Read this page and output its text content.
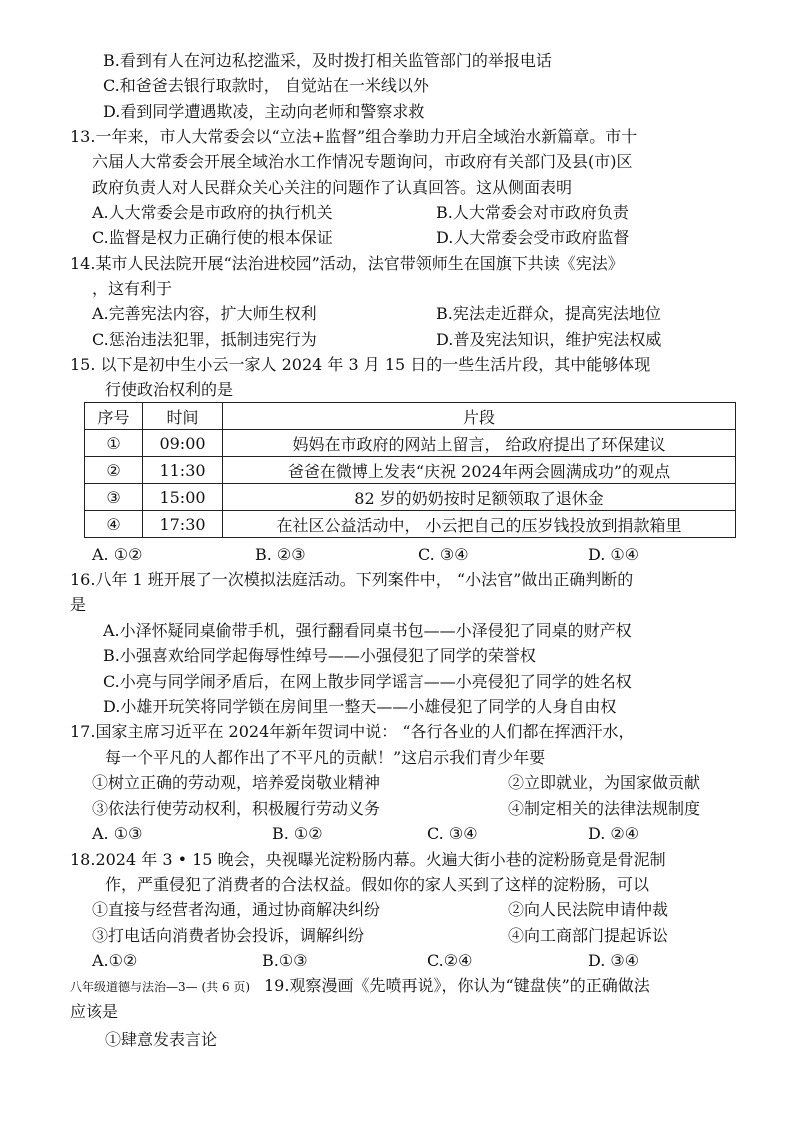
B.看到有人在河边私挖滥采，及时拨打相关监管部门的举报电话
C.和爸爸去银行取款时， 自觉站在一米线以外
D.看到同学遭遇欺凌，主动向老师和警察求救
13.一年来，市人大常委会以“立法+监督”组合拳助力开启全域治水新篇章。市十
六届人大常委会开展全域治水工作情况专题询问，市政府有关部门及县(市)区
政府负责人对人民群众关心关注的问题作了认真回答。这从侧面表明
A.人大常委会是市政府的执行机关	B.人大常委会对市政府负责
C.监督是权力正确行使的根本保证	D.人大常委会受市政府监督
14.某市人民法院开展“法治进校园”活动，法官带领师生在国旗下共读《宪法》
，这有利于
A.完善宪法内容，扩大师生权利	B.宪法走近群众，提高宪法地位
C.惩治违法犯罪，抵制违宪行为	D.普及宪法知识，维护宪法权威
15. 以下是初中生小云一家人 2024 年 3 月 15 日的一些生活片段，其中能够体现
行使政治权利的是
序号	时间	片段
①	09:00	妈妈在市政府的网站上留言， 给政府提出了环保建议
②	11:30	爸爸在微博上发表“庆祝 2024年两会圆满成功”的观点
③	15:00	82 岁的奶奶按时足额领取了退休金
④	17:30	在社区公益活动中， 小云把自己的压岁钱投放到捐款箱里
A. ①②	B. ②③	C. ③④	D. ①④
16.八年 1 班开展了一次模拟法庭活动。下列案件中， “小法官”做出正确判断的
是
A.小泽怀疑同桌偷带手机，强行翻看同桌书包——小泽侵犯了同桌的财产权
B.小强喜欢给同学起侮辱性绰号——小强侵犯了同学的荣誉权
C.小亮与同学闹矛盾后，在网上散步同学谣言——小亮侵犯了同学的姓名权
D.小雄开玩笑将同学锁在房间里一整天——小雄侵犯了同学的人身自由权
17.国家主席习近平在 2024年新年贺词中说： “各行各业的人们都在挥洒汗水，
每一个平凡的人都作出了不平凡的贡献！”这启示我们青少年要
①树立正确的劳动观，培养爱岗敬业精神	②立即就业，为国家做贡献
③依法行使劳动权利，积极履行劳动义务	④制定相关的法律法规制度
A. ①③	B. ①②	C. ③④	D. ②④
18.2024 年 3 • 15 晚会，央视曝光淀粉肠内幕。火遍大街小巷的淀粉肠竟是骨泥制
作，严重侵犯了消费者的合法权益。假如你的家人买到了这样的淀粉肠，可以
①直接与经营者沟通，通过协商解决纠纷	②向人民法院申请仲裁
③打电话向消费者协会投诉，调解纠纷	④向工商部门提起诉讼
A.①②	B.①③	C.②④	D. ③④
八年级道德与法治—3— (共 6 页) 19.观察漫画《先喷再说》，你认为“键盘侠”的正确做法
应该是
①肆意发表言论
